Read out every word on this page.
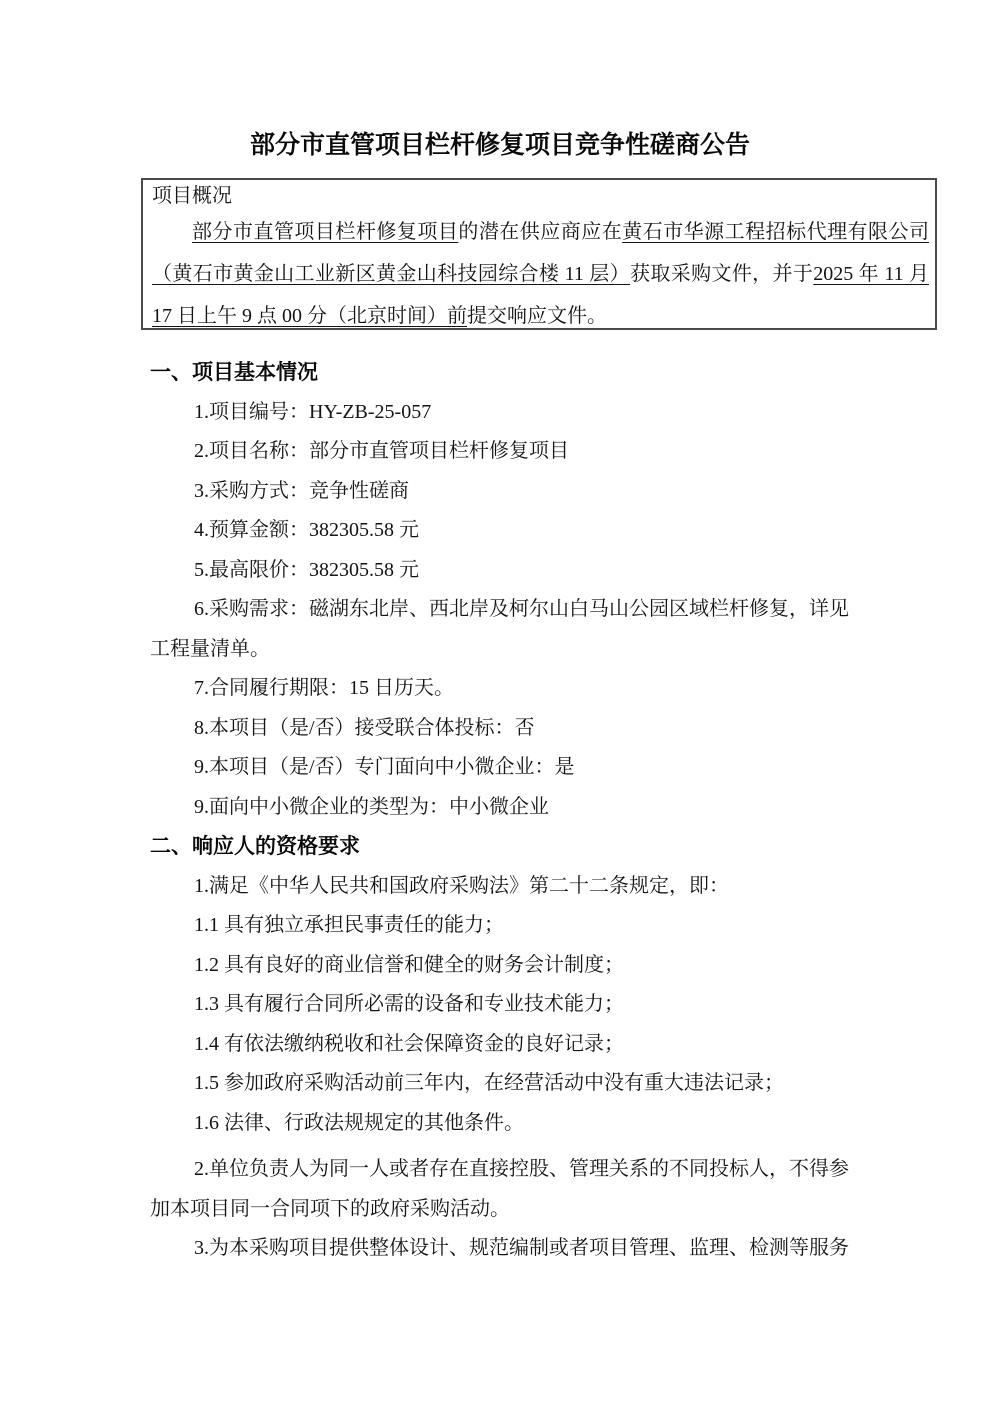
部分市直管项目栏杆修复项目竞争性磋商公告
项目概况
部分市直管项目栏杆修复项目的潜在供应商应在黄石市华源工程招标代理有限公司
（黄石市黄金山工业新区黄金山科技园综合楼 11 层）获取采购文件，并于2025 年 11 月
17 日上午 9 点 00 分（北京时间）前提交响应文件。
一、项目基本情况
1.项目编号：HY-ZB-25-057
2.项目名称：部分市直管项目栏杆修复项目
3.采购方式：竞争性磋商
4.预算金额：382305.58 元
5.最高限价：382305.58 元
6.采购需求：磁湖东北岸、西北岸及柯尔山白马山公园区域栏杆修复，详见
工程量清单。
7.合同履行期限：15 日历天。
8.本项目（是/否）接受联合体投标：否
9.本项目（是/否）专门面向中小微企业：是
9.面向中小微企业的类型为：中小微企业
二、响应人的资格要求
1.满足《中华人民共和国政府采购法》第二十二条规定，即：
1.1 具有独立承担民事责任的能力；
1.2 具有良好的商业信誉和健全的财务会计制度；
1.3 具有履行合同所必需的设备和专业技术能力；
1.4 有依法缴纳税收和社会保障资金的良好记录；
1.5 参加政府采购活动前三年内，在经营活动中没有重大违法记录；
1.6 法律、行政法规规定的其他条件。
2.单位负责人为同一人或者存在直接控股、管理关系的不同投标人，不得参
加本项目同一合同项下的政府采购活动。
3.为本采购项目提供整体设计、规范编制或者项目管理、监理、检测等服务
